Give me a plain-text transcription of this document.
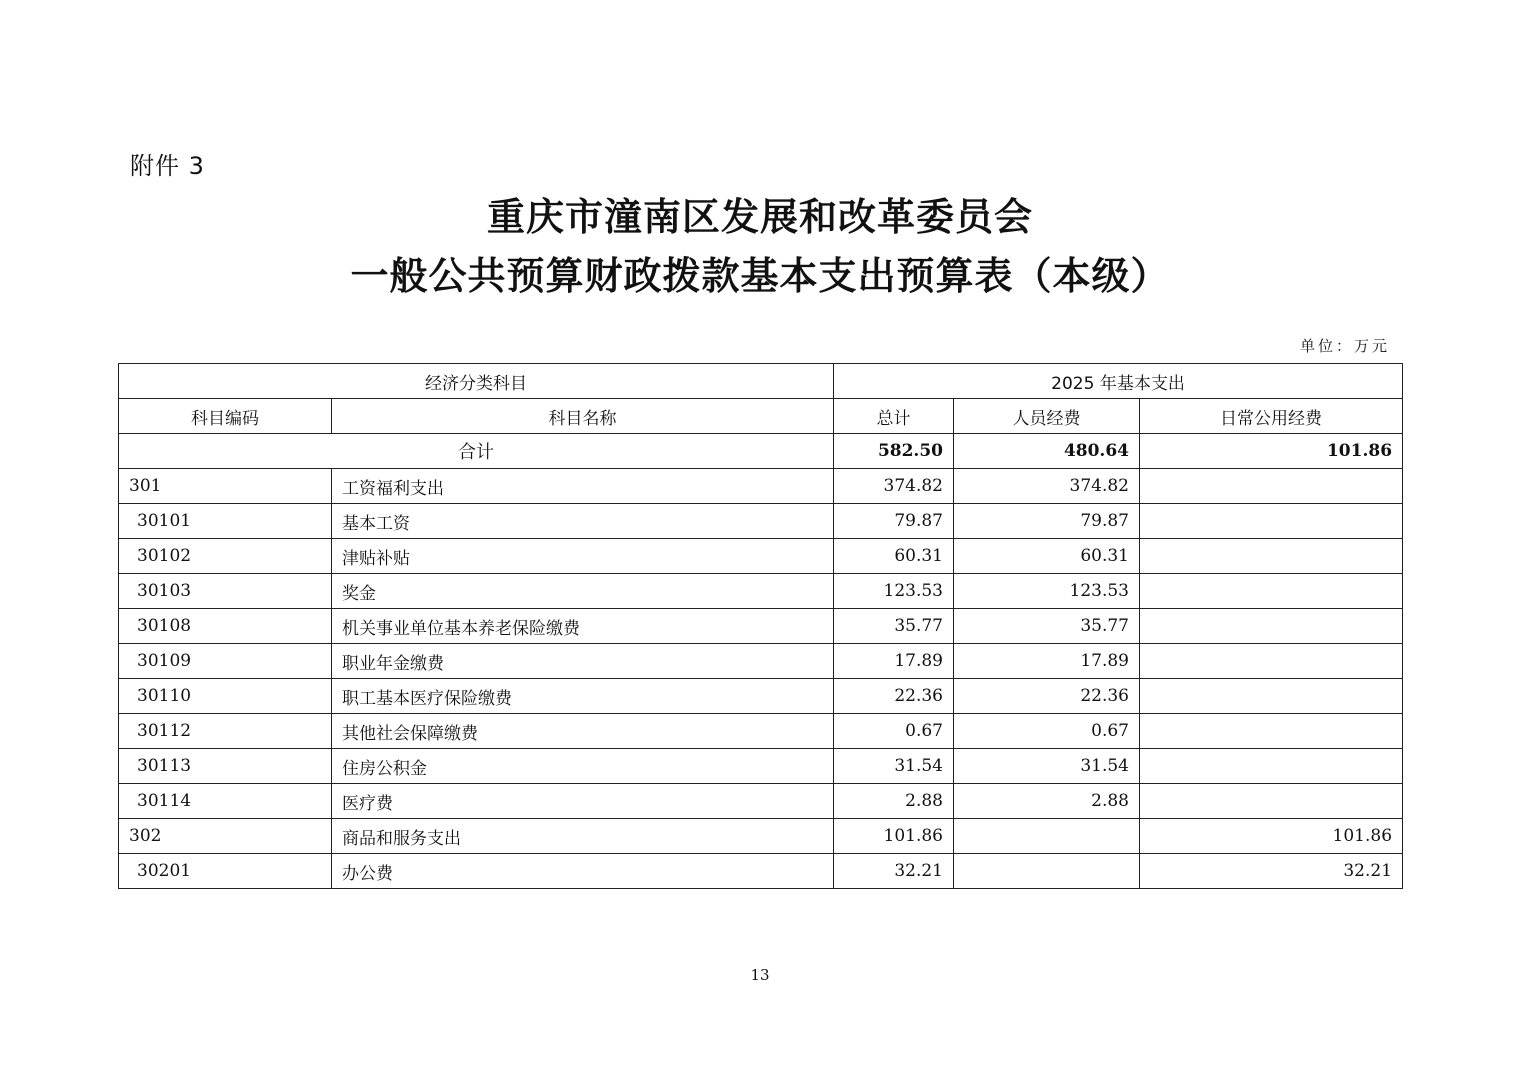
附件 3
重庆市潼南区发展和改革委员会
一般公共预算财政拨款基本支出预算表（本级）
单位：万元
经济分类科目		2025 年基本支出		
科目编码	科目名称	总计	人员经费	日常公用经费
合计		582.50	480.64	101.86
301	工资福利支出	374.82	374.82	
30101	基本工资	79.87	79.87	
30102	津贴补贴	60.31	60.31	
30103	奖金	123.53	123.53	
30108	机关事业单位基本养老保险缴费	35.77	35.77	
30109	职业年金缴费	17.89	17.89	
30110	职工基本医疗保险缴费	22.36	22.36	
30112	其他社会保障缴费	0.67	0.67	
30113	住房公积金	31.54	31.54	
30114	医疗费	2.88	2.88	
302	商品和服务支出	101.86		101.86
30201	办公费	32.21		32.21
13
